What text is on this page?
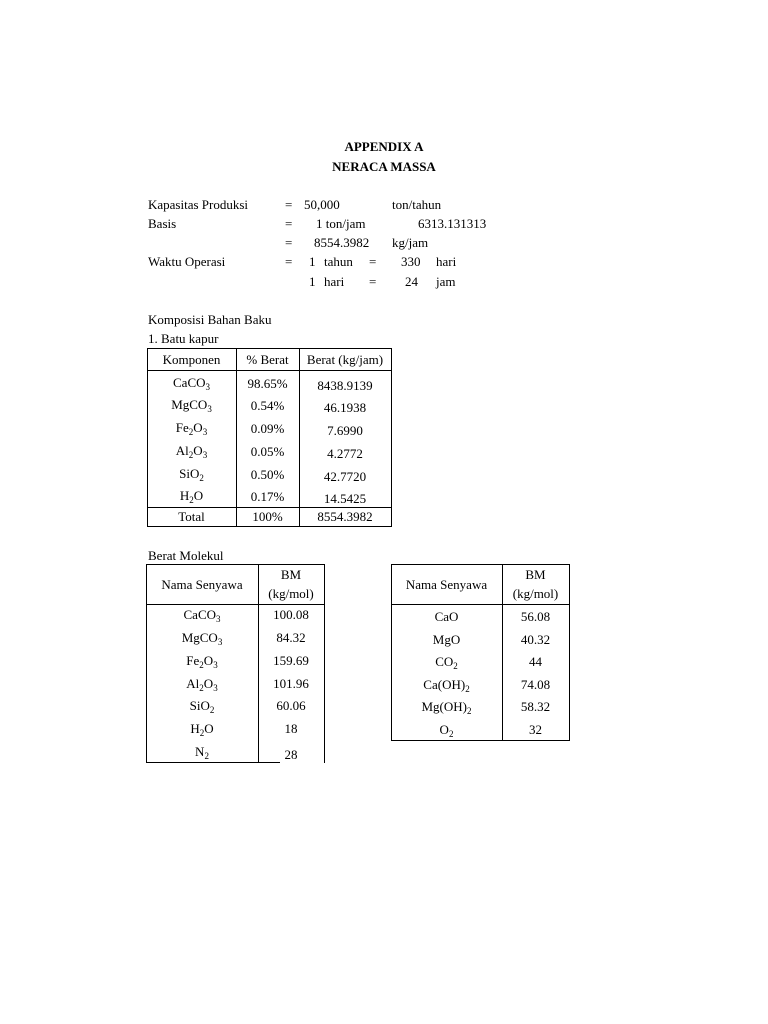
APPENDIX A
NERACA MASSA
Kapasitas Produksi	= 50,000	ton/tahun
Basis	= 1 ton/jam	6313.131313
= 8554.3982 kg/jam
Waktu Operasi	= 1 tahun = 330 hari
1 hari = 24 jam
Komposisi Bahan Baku
1. Batu kapur
Komponen	% Berat	Berat (kg/jam)
CaCO$_3$	98.65%	8438.9139
MgCO$_3$	0.54%	46.1938
$Fe_2O_3$	0.09%	7.6990
$Al_2O_3$	0.05%	4.2772
SiO$_2$	0.50%	42.7720
$H_2O$	0.17%	14.5425
Total	100%	8554.3982
Berat Molekul
Nama Senyawa
BM
(kg/mol)
CaCO$_3$	100.08
MgCO$_3$	84.32
$Fe_2O_3$	159.69
$Al_2O_3$	101.96
SiO$_2$	60.06
$H_2O$	18
$N_2$	28
Nama Senyawa
BM
(kg/mol)
CaO	56.08
MgO	40.32
$CO_2$	44
$Ca(OH)_2$	74.08
$Mg(OH)_2$	58.32
$O_2$	32
